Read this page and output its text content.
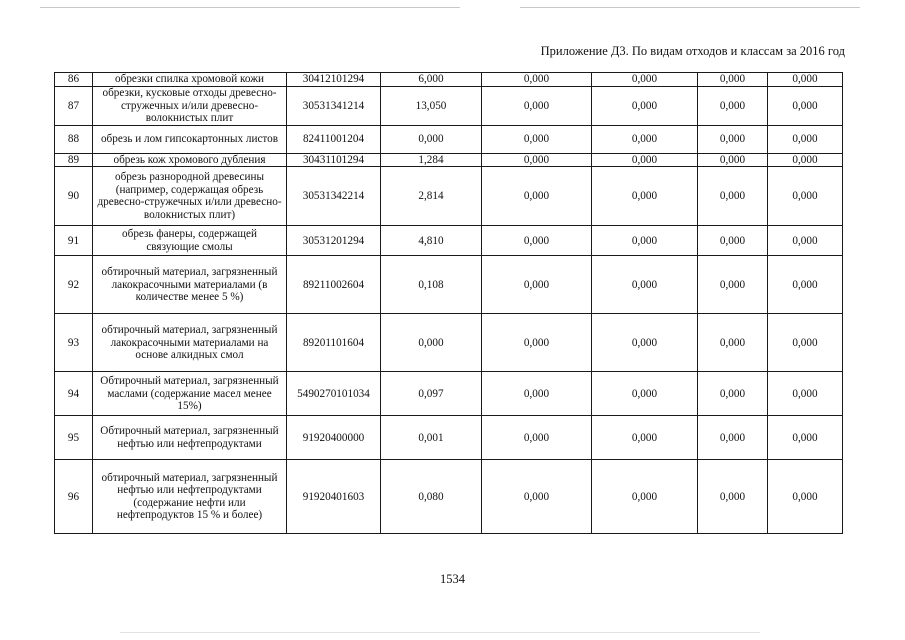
Приложение Д3. По видам отходов и классам за 2016 год
86	обрезки спилка хромовой кожи	30412101294	6,000	0,000	0,000	0,000	0,000
87	обрезки, кусковые отходы древесно-стружечных и/или древесно-волокнистых плит	30531341214	13,050	0,000	0,000	0,000	0,000
88	обрезь и лом гипсокартонных листов	82411001204	0,000	0,000	0,000	0,000	0,000
89	обрезь кож хромового дубления	30431101294	1,284	0,000	0,000	0,000	0,000
90	обрезь разнородной древесины (например, содержащая обрезь древесно-стружечных и/или древесно-волокнистых плит)	30531342214	2,814	0,000	0,000	0,000	0,000
91	обрезь фанеры, содержащей связующие смолы	30531201294	4,810	0,000	0,000	0,000	0,000
92	обтирочный материал, загрязненный лакокрасочными материалами (в количестве менее 5 %)	89211002604	0,108	0,000	0,000	0,000	0,000
93	обтирочный материал, загрязненный лакокрасочными материалами на основе алкидных смол	89201101604	0,000	0,000	0,000	0,000	0,000
94	Обтирочный материал, загрязненный маслами (содержание масел менее 15%)	5490270101034	0,097	0,000	0,000	0,000	0,000
95	Обтирочный материал, загрязненный нефтью или нефтепродуктами	91920400000	0,001	0,000	0,000	0,000	0,000
96	обтирочный материал, загрязненный нефтью или нефтепродуктами (содержание нефти или нефтепродуктов 15 % и более)	91920401603	0,080	0,000	0,000	0,000	0,000
1534
